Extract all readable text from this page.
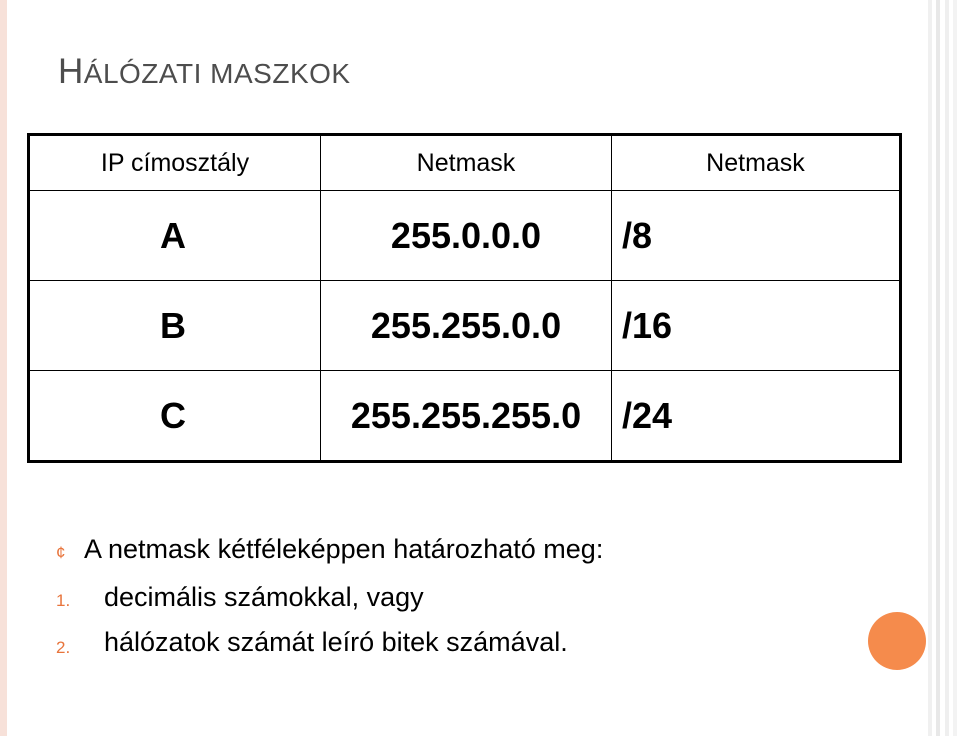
HÁLÓZATI MASZKOK
IP címosztály	Netmask	Netmask
A	255.0.0.0	/8
B	255.255.0.0	/16
C	255.255.255.0	/24
¢ A netmask kétféleképpen határozható meg:
1. decimális számokkal, vagy
2. hálózatok számát leíró bitek számával.
